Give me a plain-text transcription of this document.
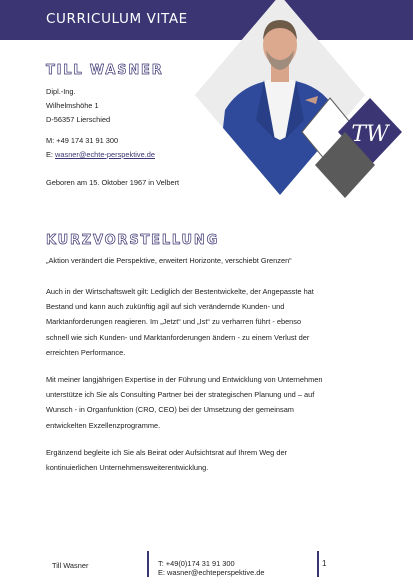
CURRICULUM VITAE
TW
TILL WASNER
Dipl.-Ing.
Wilhelmshöhe 1
D-56357 Lierschied
M: +49 174 31 91 300
E: wasner@echte-perspektive.de
Geboren am 15. Oktober 1967 in Velbert
KURZVORSTELLUNG
„Aktion verändert die Perspektive, erweitert Horizonte, verschiebt Grenzen“
Auch in der Wirtschaftswelt gilt: Lediglich der Bestentwickelte, der Angepasste hat
Bestand und kann auch zukünftig agil auf sich verändernde Kunden- und
Marktanforderungen reagieren. Im „Jetzt“ und „Ist“ zu verharren führt - ebenso
schnell wie sich Kunden- und Marktanforderungen ändern - zu einem Verlust der
erreichten Performance.
Mit meiner langjährigen Expertise in der Führung und Entwicklung von Unternehmen
unterstütze ich Sie als Consulting Partner bei der strategischen Planung und – auf
Wunsch - in Organfunktion (CRO, CEO) bei der Umsetzung der gemeinsam
entwickelten Exzellenzprogramme.
Ergänzend begleite ich Sie als Beirat oder Aufsichtsrat auf Ihrem Weg der
kontinuierlichen Unternehmensweiterentwicklung.
Till Wasner	T: +49(0)174 31 91 300
E: wasner@echteperspektive.de
1
